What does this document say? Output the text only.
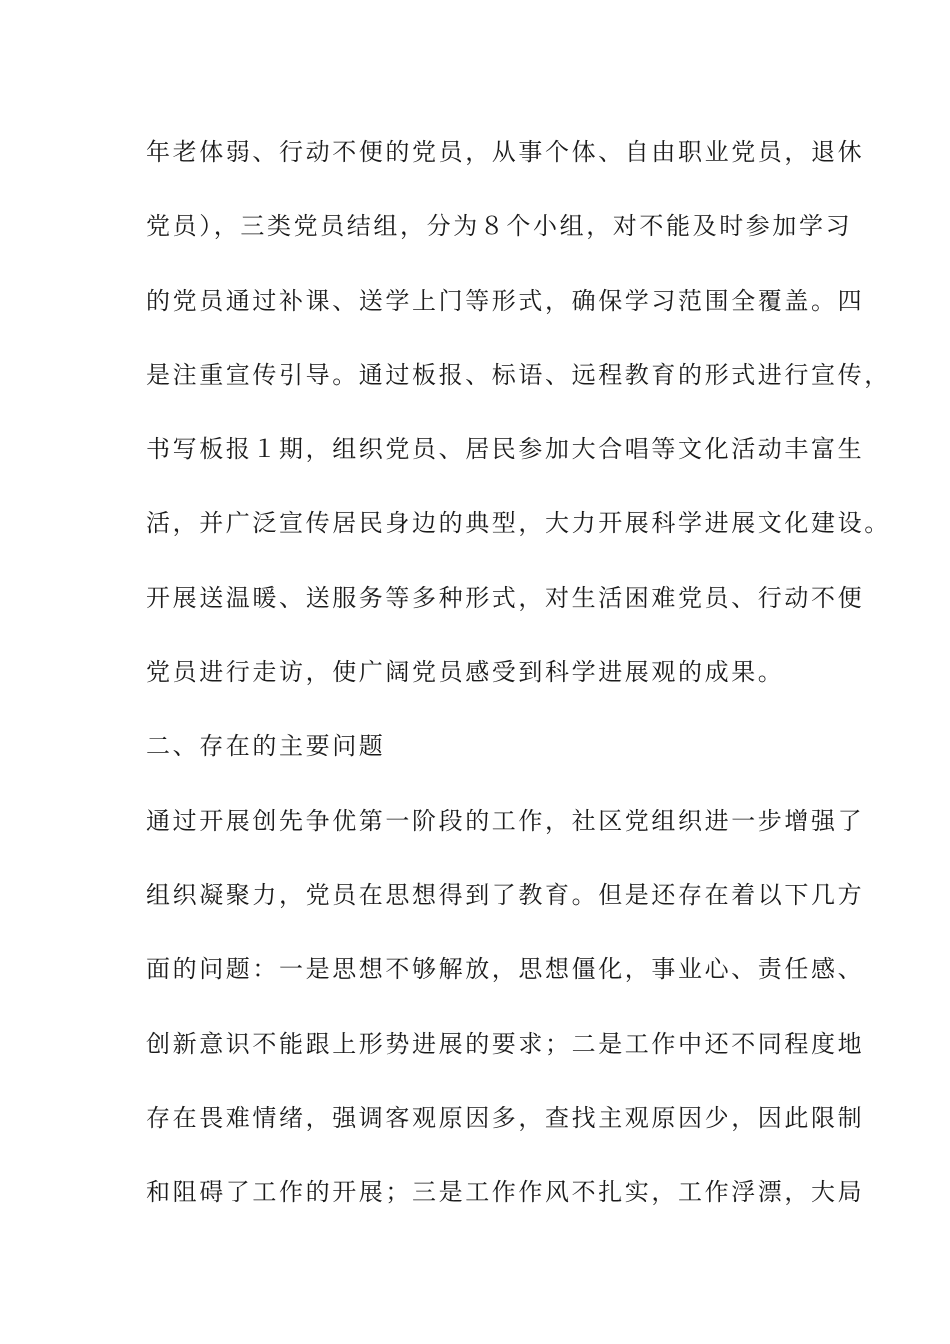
年老体弱、行动不便的党员，从事个体、自由职业党员，退休
党员），三类党员结组，分为８个小组，对不能及时参加学习
的党员通过补课、送学上门等形式，确保学习范围全覆盖。四
是注重宣传引导。通过板报、标语、远程教育的形式进行宣传，
书写板报１期，组织党员、居民参加大合唱等文化活动丰富生
活，并广泛宣传居民身边的典型，大力开展科学进展文化建设。
开展送温暖、送服务等多种形式，对生活困难党员、行动不便
党员进行走访，使广阔党员感受到科学进展观的成果。
二、存在的主要问题
通过开展创先争优第一阶段的工作，社区党组织进一步增强了
组织凝聚力，党员在思想得到了教育。但是还存在着以下几方
面的问题：一是思想不够解放，思想僵化，事业心、责任感、
创新意识不能跟上形势进展的要求；二是工作中还不同程度地
存在畏难情绪，强调客观原因多，查找主观原因少，因此限制
和阻碍了工作的开展；三是工作作风不扎实，工作浮漂，大局
